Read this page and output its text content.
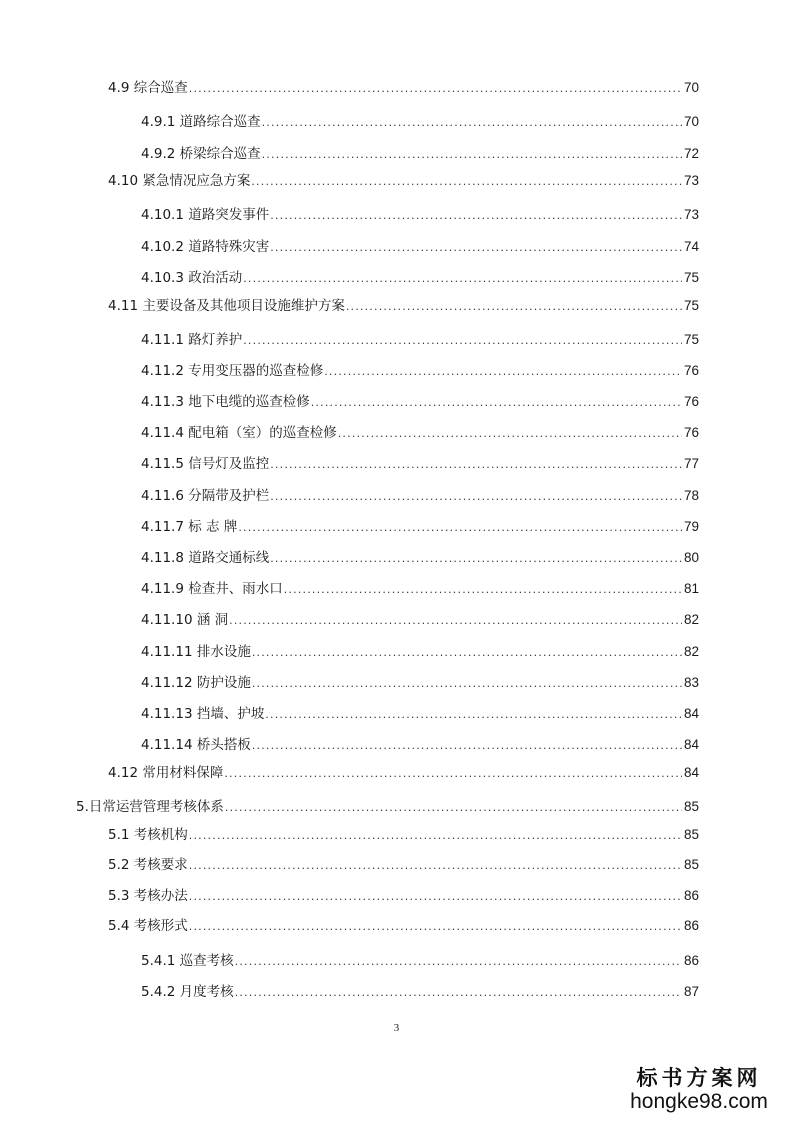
4.9 综合巡查 .....	70
4.9.1 道路综合巡查 .....	70
4.9.2 桥梁综合巡查 .....	72
4.10 紧急情况应急方案 .....	73
4.10.1 道路突发事件 .....	73
4.10.2 道路特殊灾害 .....	74
4.10.3 政治活动 .....	75
4.11 主要设备及其他项目设施维护方案 .....	75
4.11.1 路灯养护 .....	75
4.11.2 专用变压器的巡查检修 .....	76
4.11.3 地下电缆的巡查检修 .....	76
4.11.4 配电箱（室）的巡查检修 .....	76
4.11.5 信号灯及监控 .....	77
4.11.6 分隔带及护栏 .....	78
4.11.7 标 志 牌 .....	79
4.11.8 道路交通标线 .....	80
4.11.9 检查井、雨水口 .....	81
4.11.10 涵 洞 .....	82
4.11.11 排水设施 .....	82
4.11.12 防护设施 .....	83
4.11.13 挡墙、护坡 .....	84
4.11.14 桥头搭板 .....	84
4.12 常用材料保障 .....	84
5.日常运营管理考核体系 .....	85
5.1 考核机构 .....	85
5.2 考核要求 .....	85
5.3 考核办法 .....	86
5.4 考核形式 .....	86
5.4.1 巡查考核 .....	86
5.4.2 月度考核 .....	87
3
标书方案网
hongke98.com
